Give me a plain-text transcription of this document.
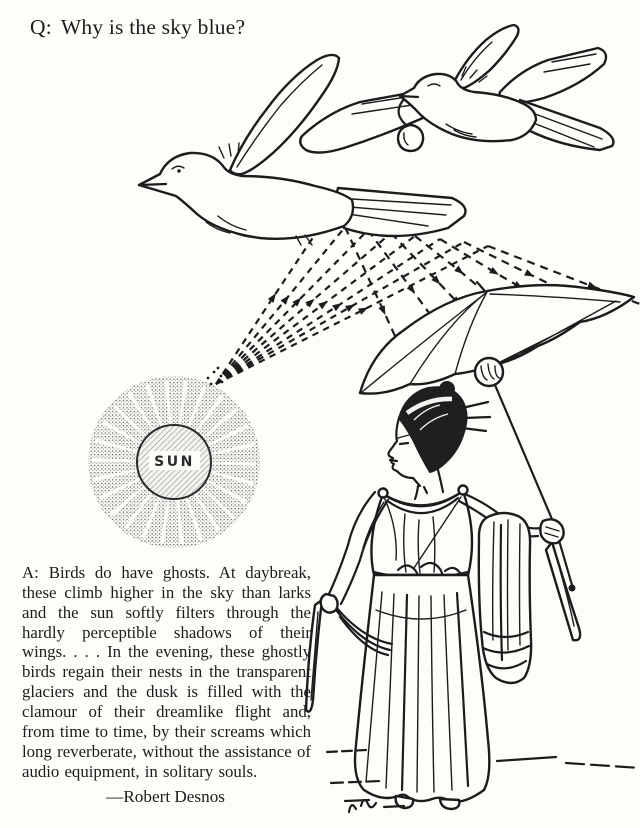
Q: Why is the sky blue?
SUN

A: Birds do have ghosts. At daybreak, these climb higher in the sky than larks and the sun softly filters through the hardly perceptible shadows of their wings. . . . In the evening, these ghostly birds regain their nests in the transparent glaciers and the dusk is filled with the clamour of their dreamlike flight and, from time to time, by their screams which long reverberate, without the assistance of audio equipment, in solitary souls.

—Robert Desnos
